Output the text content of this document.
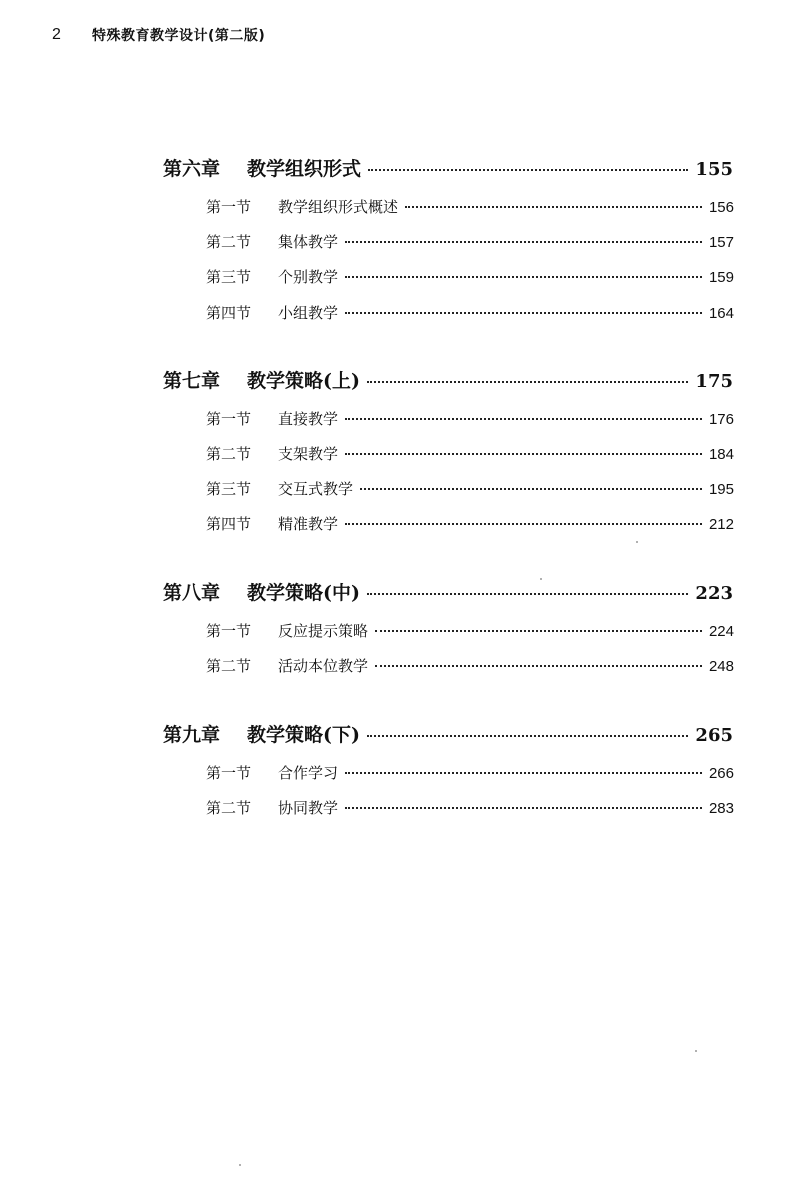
2	特殊教育教学设计(第二版)
第六章	教学组织形式	155
第一节	教学组织形式概述	156
第二节	集体教学	157
第三节	个别教学	159
第四节	小组教学	164
第七章	教学策略(上)	175
第一节	直接教学	176
第二节	支架教学	184
第三节	交互式教学	195
第四节	精准教学	212
第八章	教学策略(中)	223
第一节	反应提示策略	224
第二节	活动本位教学	248
第九章	教学策略(下)	265
第一节	合作学习	266
第二节	协同教学	283
